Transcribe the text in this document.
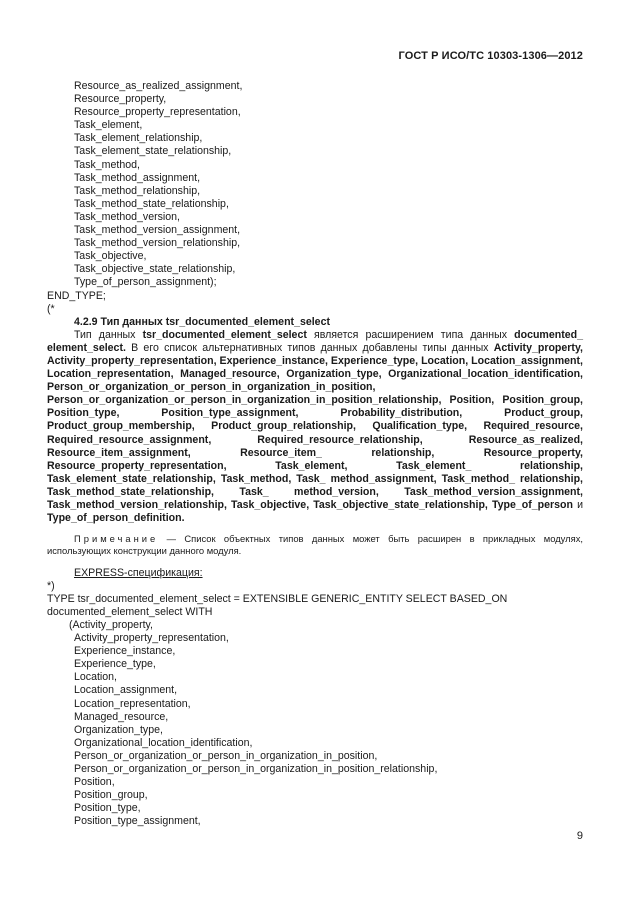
ГОСТ Р ИСО/ТС 10303-1306—2012
Resource_as_realized_assignment,
Resource_property,
Resource_property_representation,
Task_element,
Task_element_relationship,
Task_element_state_relationship,
Task_method,
Task_method_assignment,
Task_method_relationship,
Task_method_state_relationship,
Task_method_version,
Task_method_version_assignment,
Task_method_version_relationship,
Task_objective,
Task_objective_state_relationship,
Type_of_person_assignment);
END_TYPE;
(*
4.2.9 Тип данных tsr_documented_element_select

Тип данных tsr_documented_element_select является расширением типа данных documented_ element_select. В его список альтернативных типов данных добавлены типы данных Activity_property, Activity_property_representation, Experience_instance, Experience_type, Location, Location_assignment, Location_representation, Managed_resource, Organization_type, Organizational_location_identification, Person_or_organization_or_person_in_organization_in_position, Person_or_organization_or_person_in_organization_in_position_relationship, Position, Position_group, Position_type, Position_type_assignment, Probability_distribution, Product_group, Product_group_membership, Product_group_relationship, Qualification_type, Required_resource, Required_resource_assignment, Required_resource_relationship, Resource_as_realized, Resource_item_assignment, Resource_item_ relationship, Resource_property, Resource_property_representation, Task_element, Task_element_ relationship, Task_element_state_relationship, Task_method, Task_ method_assignment, Task_method_ relationship, Task_method_state_relationship, Task_ method_version, Task_method_version_assignment, Task_method_version_relationship, Task_objective, Task_objective_state_relationship, Type_of_person и Type_of_person_definition.

Примечание — Список объектных типов данных может быть расширен в прикладных модулях, использующих конструкции данного модуля.

EXPRESS-спецификация:
*)
TYPE tsr_documented_element_select = EXTENSIBLE GENERIC_ENTITY SELECT BASED_ON
documented_element_select WITH
(Activity_property,
Activity_property_representation,
Experience_instance,
Experience_type,
Location,
Location_assignment,
Location_representation,
Managed_resource,
Organization_type,
Organizational_location_identification,
Person_or_organization_or_person_in_organization_in_position,
Person_or_organization_or_person_in_organization_in_position_relationship,
Position,
Position_group,
Position_type,
Position_type_assignment,
9
